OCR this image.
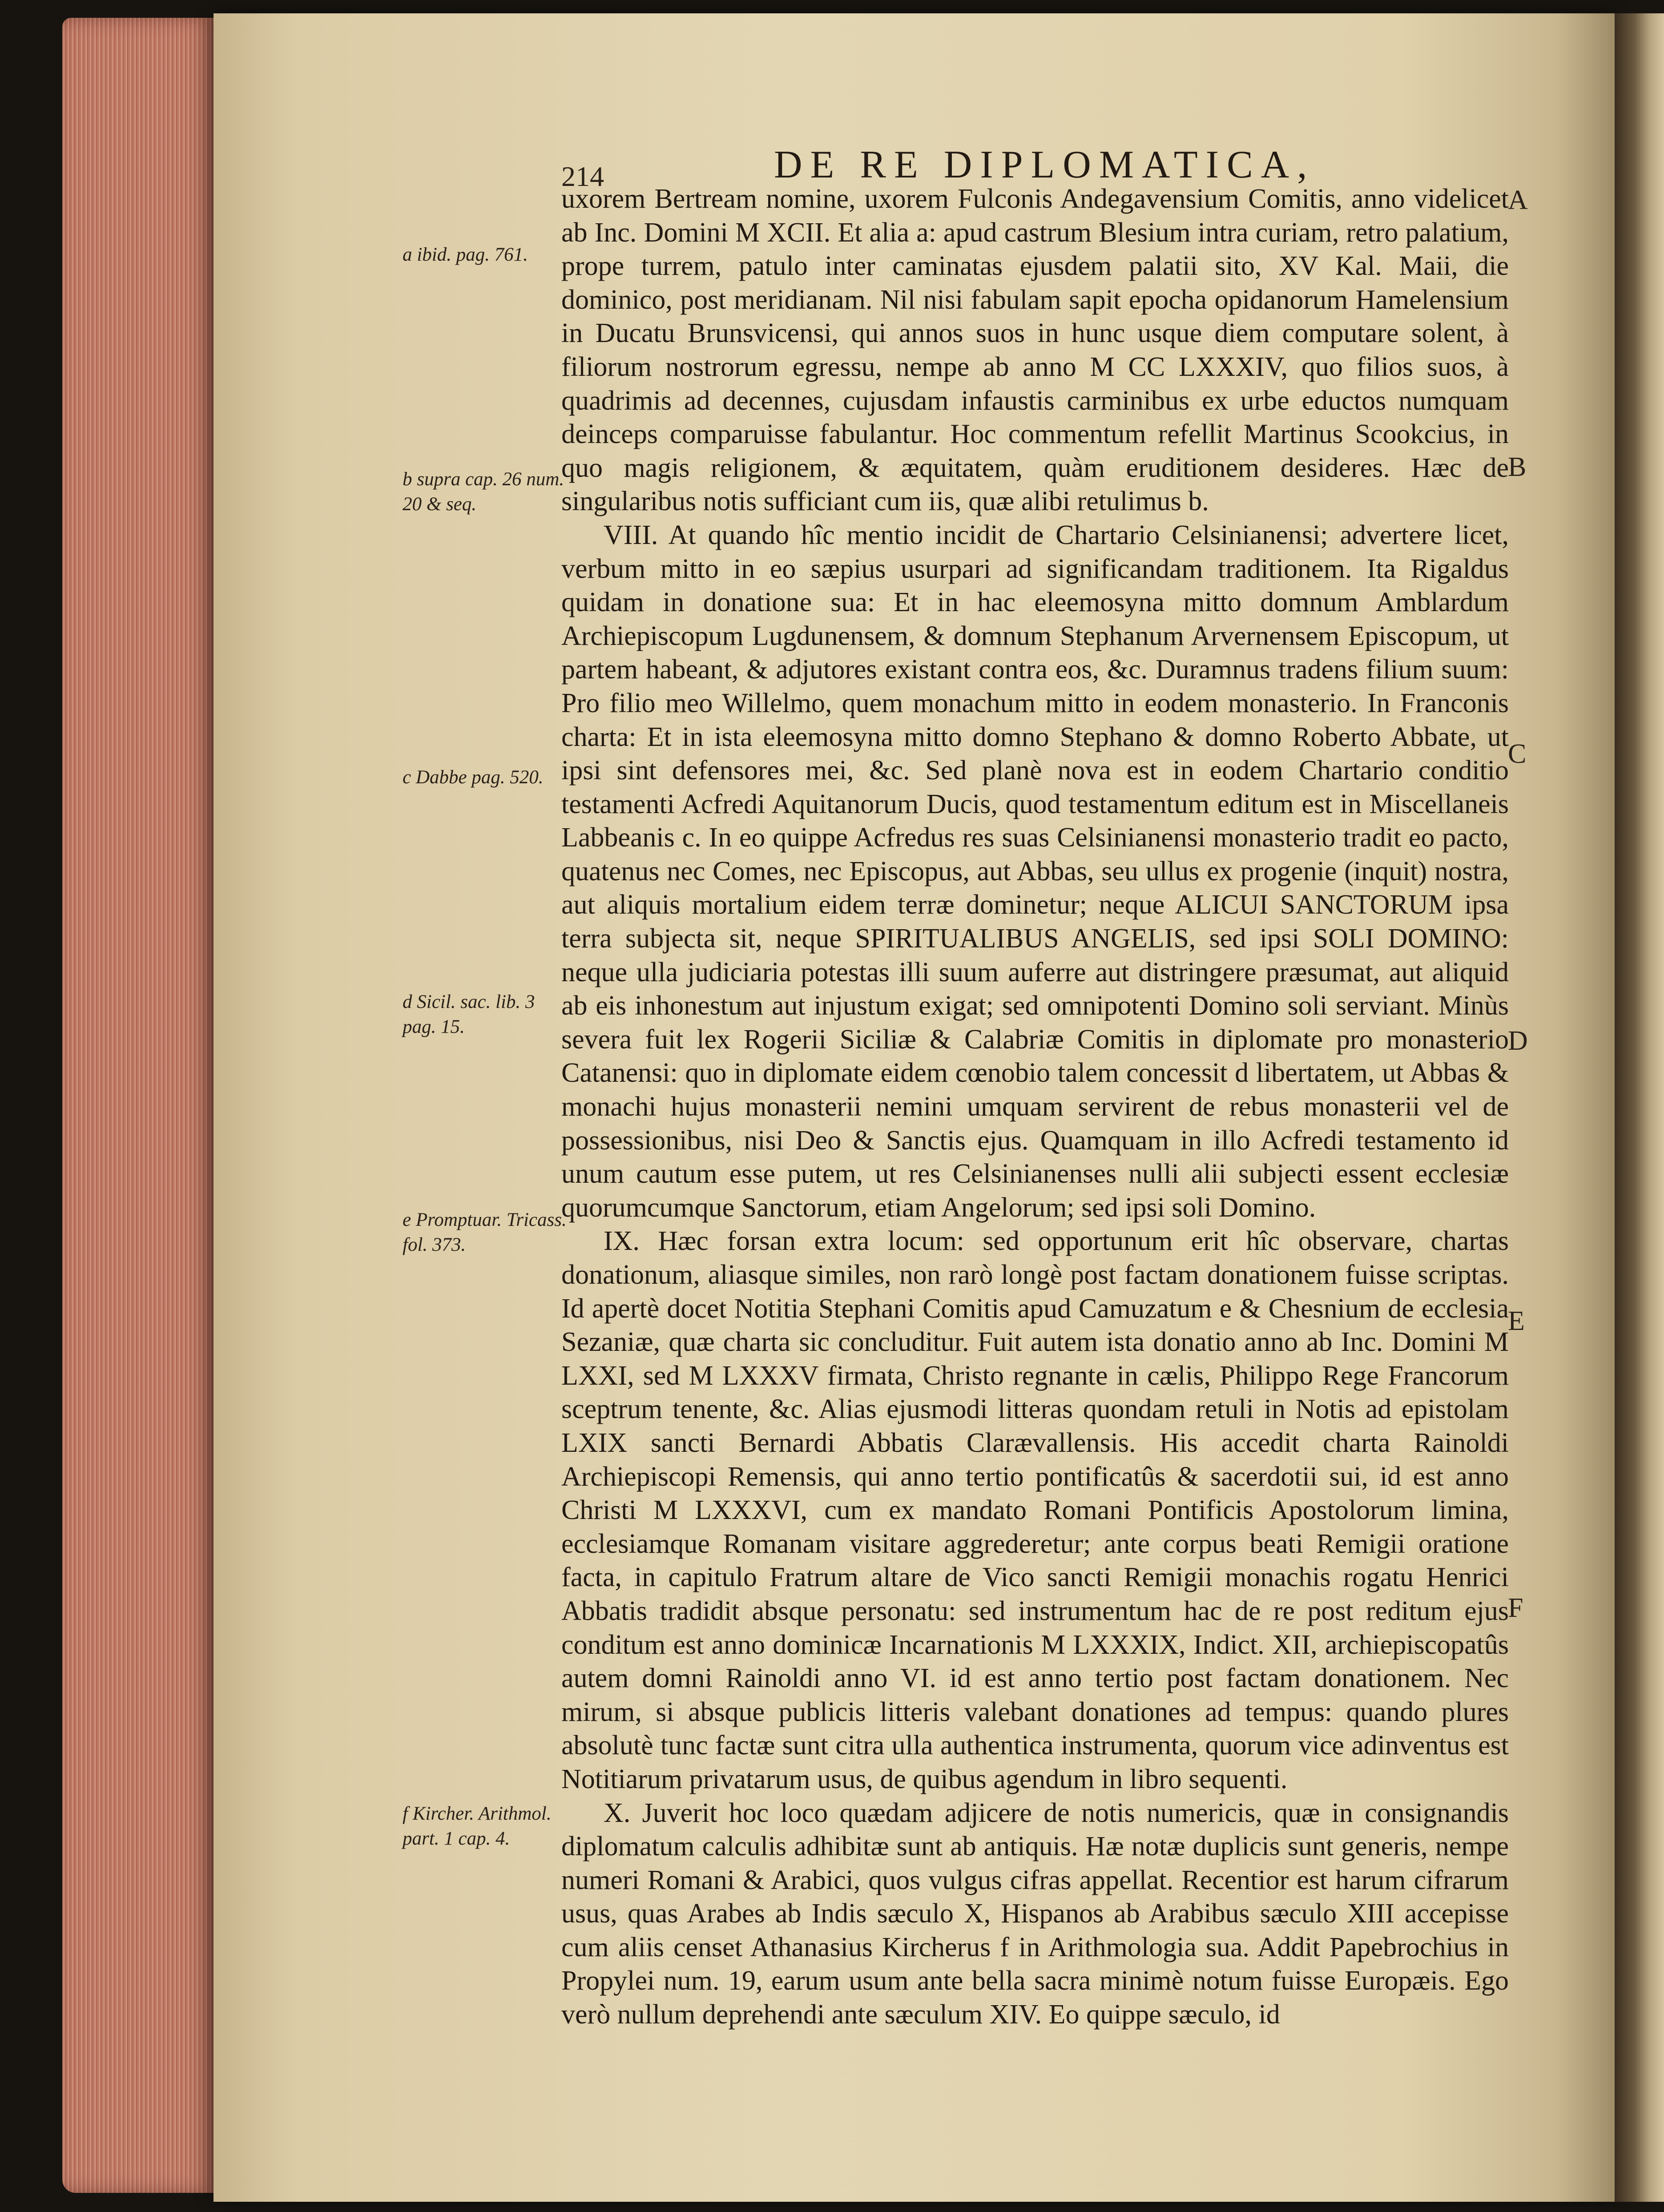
214	DE RE DIPLOMATICA,
a ibid. pag. 761.
b supra cap. 26 num. 20 & seq.
c Dabbe pag. 520.
d Sicil. sac. lib. 3 pag. 15.
e Promptuar. Tricass. fol. 373.
f Kircher. Arithmol. part. 1 cap. 4.
A
B
C
D
E
F

uxorem Bertream nomine, uxorem Fulconis Andegavensium Comitis, anno videlicet ab Inc. Domini M XCII. Et alia a: apud castrum Blesium intra curiam, retro palatium, prope turrem, patulo inter caminatas ejusdem palatii sito, XV Kal. Maii, die dominico, post meridianam. Nil nisi fabulam sapit epocha opidanorum Hamelensium in Ducatu Brunsvicensi, qui annos suos in hunc usque diem computare solent, à filiorum nostrorum egressu, nempe ab anno M CC LXXXIV, quo filios suos, à quadrimis ad decennes, cujusdam infaustis carminibus ex urbe eductos numquam deinceps comparuisse fabulantur. Hoc commentum refellit Martinus Scookcius, in quo magis religionem, & æquitatem, quàm eruditionem desideres. Hæc de singularibus notis sufficiant cum iis, quæ alibi retulimus b.

VIII. At quando hîc mentio incidit de Chartario Celsinianensi; advertere licet, verbum mitto in eo sæpius usurpari ad significandam traditionem. Ita Rigaldus quidam in donatione sua: Et in hac eleemosyna mitto domnum Amblardum Archiepiscopum Lugdunensem, & domnum Stephanum Arvernensem Episcopum, ut partem habeant, & adjutores existant contra eos, &c. Duramnus tradens filium suum: Pro filio meo Willelmo, quem monachum mitto in eodem monasterio. In Franconis charta: Et in ista eleemosyna mitto domno Stephano & domno Roberto Abbate, ut ipsi sint defensores mei, &c. Sed planè nova est in eodem Chartario conditio testamenti Acfredi Aquitanorum Ducis, quod testamentum editum est in Miscellaneis Labbeanis c. In eo quippe Acfredus res suas Celsinianensi monasterio tradit eo pacto, quatenus nec Comes, nec Episcopus, aut Abbas, seu ullus ex progenie (inquit) nostra, aut aliquis mortalium eidem terræ dominetur; neque ALICUI SANCTORUM ipsa terra subjecta sit, neque SPIRITUALIBUS ANGELIS, sed ipsi SOLI DOMINO: neque ulla judiciaria potestas illi suum auferre aut distringere præsumat, aut aliquid ab eis inhonestum aut injustum exigat; sed omnipotenti Domino soli serviant. Minùs severa fuit lex Rogerii Siciliæ & Calabriæ Comitis in diplomate pro monasterio Catanensi: quo in diplomate eidem cœnobio talem concessit d libertatem, ut Abbas & monachi hujus monasterii nemini umquam servirent de rebus monasterii vel de possessionibus, nisi Deo & Sanctis ejus. Quamquam in illo Acfredi testamento id unum cautum esse putem, ut res Celsinianenses nulli alii subjecti essent ecclesiæ quorumcumque Sanctorum, etiam Angelorum; sed ipsi soli Domino.

IX. Hæc forsan extra locum: sed opportunum erit hîc observare, chartas donationum, aliasque similes, non rarò longè post factam donationem fuisse scriptas. Id apertè docet Notitia Stephani Comitis apud Camuzatum e & Chesnium de ecclesia Sezaniæ, quæ charta sic concluditur. Fuit autem ista donatio anno ab Inc. Domini M LXXI, sed M LXXXV firmata, Christo regnante in cælis, Philippo Rege Francorum sceptrum tenente, &c. Alias ejusmodi litteras quondam retuli in Notis ad epistolam LXIX sancti Bernardi Abbatis Clarævallensis. His accedit charta Rainoldi Archiepiscopi Remensis, qui anno tertio pontificatûs & sacerdotii sui, id est anno Christi M LXXXVI, cum ex mandato Romani Pontificis Apostolorum limina, ecclesiamque Romanam visitare aggrederetur; ante corpus beati Remigii oratione facta, in capitulo Fratrum altare de Vico sancti Remigii monachis rogatu Henrici Abbatis tradidit absque personatu: sed instrumentum hac de re post reditum ejus conditum est anno dominicæ Incarnationis M LXXXIX, Indict. XII, archiepiscopatûs autem domni Rainoldi anno VI. id est anno tertio post factam donationem. Nec mirum, si absque publicis litteris valebant donationes ad tempus: quando plures absolutè tunc factæ sunt citra ulla authentica instrumenta, quorum vice adinventus est Notitiarum privatarum usus, de quibus agendum in libro sequenti.

X. Juverit hoc loco quædam adjicere de notis numericis, quæ in consignandis diplomatum calculis adhibitæ sunt ab antiquis. Hæ notæ duplicis sunt generis, nempe numeri Romani & Arabici, quos vulgus cifras appellat. Recentior est harum cifrarum usus, quas Arabes ab Indis sæculo X, Hispanos ab Arabibus sæculo XIII accepisse cum aliis censet Athanasius Kircherus f in Arithmologia sua. Addit Papebrochius in Propylei num. 19, earum usum ante bella sacra minimè notum fuisse Europæis. Ego verò nullum deprehendi ante sæculum XIV. Eo quippe sæculo, id
